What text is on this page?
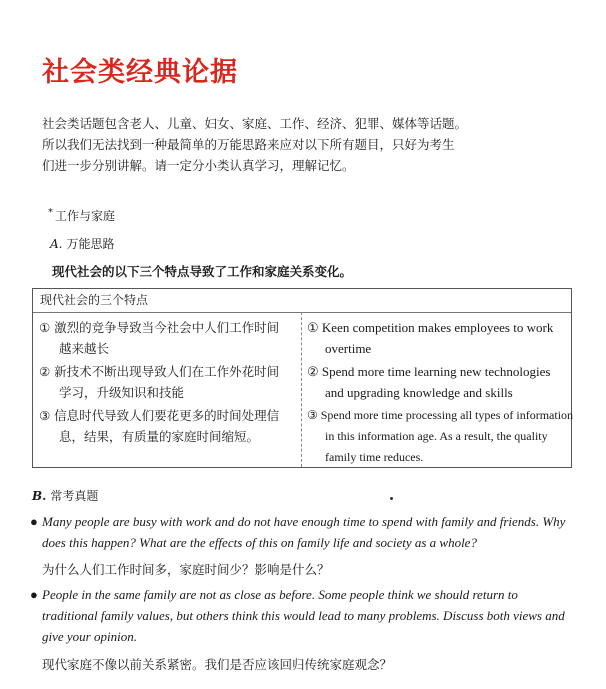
社会类经典论据

社会类话题包含老人、儿童、妇女、家庭、工作、经济、犯罪、媒体等话题。

所以我们无法找到一种最简单的万能思路来应对以下所有题目，只好为考生

们进一步分别讲解。请一定分小类认真学习，理解记忆。

* 工作与家庭
A. 万能思路
现代社会的以下三个特点导致了工作和家庭关系变化。
现代社会的三个特点
① 激烈的竞争导致当今社会中人们工作时间
越来越长
① Keen competition makes employees to work
overtime
② 新技术不断出现导致人们在工作外花时间
学习，升级知识和技能
② Spend more time learning new technologies
and upgrading knowledge and skills
③ 信息时代导致人们要花更多的时间处理信
息，结果，有质量的家庭时间缩短。
③ Spend more time processing all types of information
in this information age. As a result, the quality
family time reduces.
B. 常考真题
● Many people are busy with work and do not have enough time to spend with family and friends. Why
does this happen? What are the effects of this on family life and society as a whole?
为什么人们工作时间多，家庭时间少？影响是什么？
● People in the same family are not as close as before. Some people think we should return to
traditional family values, but others think this would lead to many problems. Discuss both views and
give your opinion.
现代家庭不像以前关系紧密。我们是否应该回归传统家庭观念？
